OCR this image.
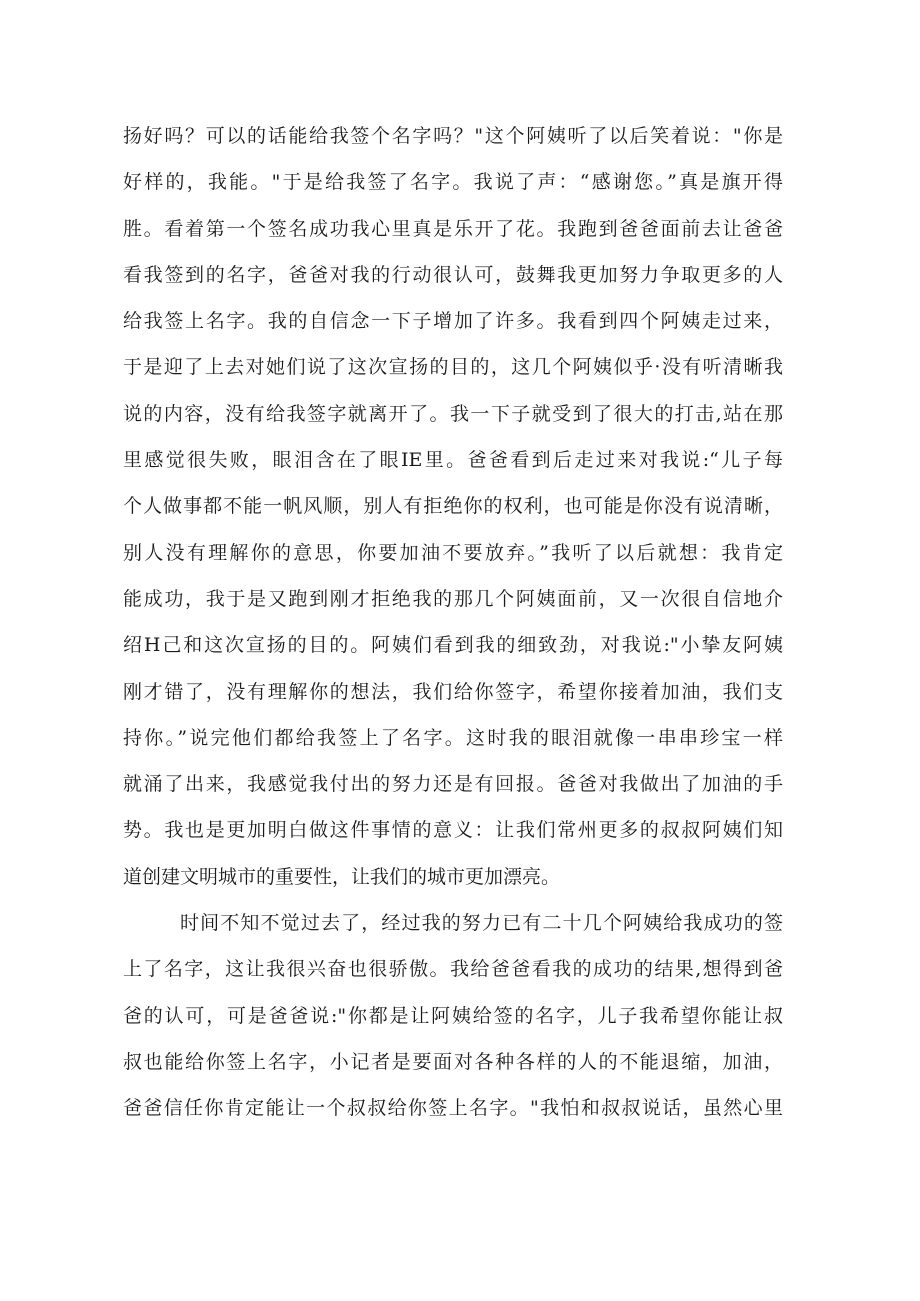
扬好吗？可以的话能给我签个名字吗？"这个阿姨听了以后笑着说："你是
好样的，我能。"于是给我签了名字。我说了声：“感谢您。”真是旗开得
胜。看着第一个签名成功我心里真是乐开了花。我跑到爸爸面前去让爸爸
看我签到的名字，爸爸对我的行动很认可，鼓舞我更加努力争取更多的人
给我签上名字。我的自信念一下子增加了许多。我看到四个阿姨走过来，
于是迎了上去对她们说了这次宣扬的目的，这几个阿姨似乎·没有听清晰我
说的内容，没有给我签字就离开了。我一下子就受到了很大的打击,站在那
里感觉很失败，眼泪含在了眼IE里。爸爸看到后走过来对我说:“儿子每
个人做事都不能一帆风顺，别人有拒绝你的权利，也可能是你没有说清晰，
别人没有理解你的意思，你要加油不要放弃。”我听了以后就想：我肯定
能成功，我于是又跑到刚才拒绝我的那几个阿姨面前，又一次很自信地介
绍H己和这次宣扬的目的。阿姨们看到我的细致劲，对我说:"小挚友阿姨
刚才错了，没有理解你的想法，我们给你签字，希望你接着加油，我们支
持你。”说完他们都给我签上了名字。这时我的眼泪就像一串串珍宝一样
就涌了出来，我感觉我付出的努力还是有回报。爸爸对我做出了加油的手
势。我也是更加明白做这件事情的意义：让我们常州更多的叔叔阿姨们知
道创建文明城市的重要性，让我们的城市更加漂亮。
时间不知不觉过去了，经过我的努力已有二十几个阿姨给我成功的签
上了名字，这让我很兴奋也很骄傲。我给爸爸看我的成功的结果,想得到爸
爸的认可，可是爸爸说:"你都是让阿姨给签的名字，儿子我希望你能让叔
叔也能给你签上名字，小记者是要面对各种各样的人的不能退缩，加油，
爸爸信任你肯定能让一个叔叔给你签上名字。"我怕和叔叔说话，虽然心里
